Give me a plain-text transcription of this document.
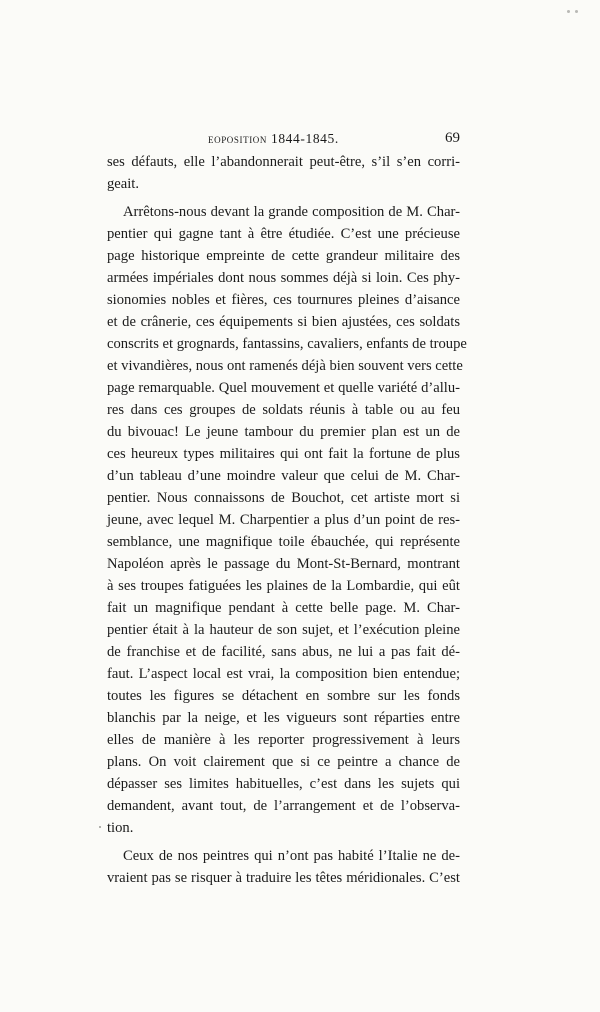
eoposition 1844-1845.	69
ses défauts, elle l’abandonnerait peut-être, s’il s’en corri-
geait.
Arrêtons-nous devant la grande composition de M. Char-
pentier qui gagne tant à être étudiée. C’est une précieuse
page historique empreinte de cette grandeur militaire des
armées impériales dont nous sommes déjà si loin. Ces phy-
sionomies nobles et fières, ces tournures pleines d’aisance
et de crânerie, ces équipements si bien ajustées, ces soldats
conscrits et grognards, fantassins, cavaliers, enfants de troupe
et vivandières, nous ont ramenés déjà bien souvent vers cette
page remarquable. Quel mouvement et quelle variété d’allu-
res dans ces groupes de soldats réunis à table ou au feu
du bivouac! Le jeune tambour du premier plan est un de
ces heureux types militaires qui ont fait la fortune de plus
d’un tableau d’une moindre valeur que celui de M. Char-
pentier. Nous connaissons de Bouchot, cet artiste mort si
jeune, avec lequel M. Charpentier a plus d’un point de res-
semblance, une magnifique toile ébauchée, qui représente
Napoléon après le passage du Mont-St-Bernard, montrant
à ses troupes fatiguées les plaines de la Lombardie, qui eût
fait un magnifique pendant à cette belle page. M. Char-
pentier était à la hauteur de son sujet, et l’exécution pleine
de franchise et de facilité, sans abus, ne lui a pas fait dé-
faut. L’aspect local est vrai, la composition bien entendue;
toutes les figures se détachent en sombre sur les fonds
blanchis par la neige, et les vigueurs sont réparties entre
elles de manière à les reporter progressivement à leurs
plans. On voit clairement que si ce peintre a chance de
dépasser ses limites habituelles, c’est dans les sujets qui
demandent, avant tout, de l’arrangement et de l’observa-
tion.
Ceux de nos peintres qui n’ont pas habité l’Italie ne de-
vraient pas se risquer à traduire les têtes méridionales. C’est
